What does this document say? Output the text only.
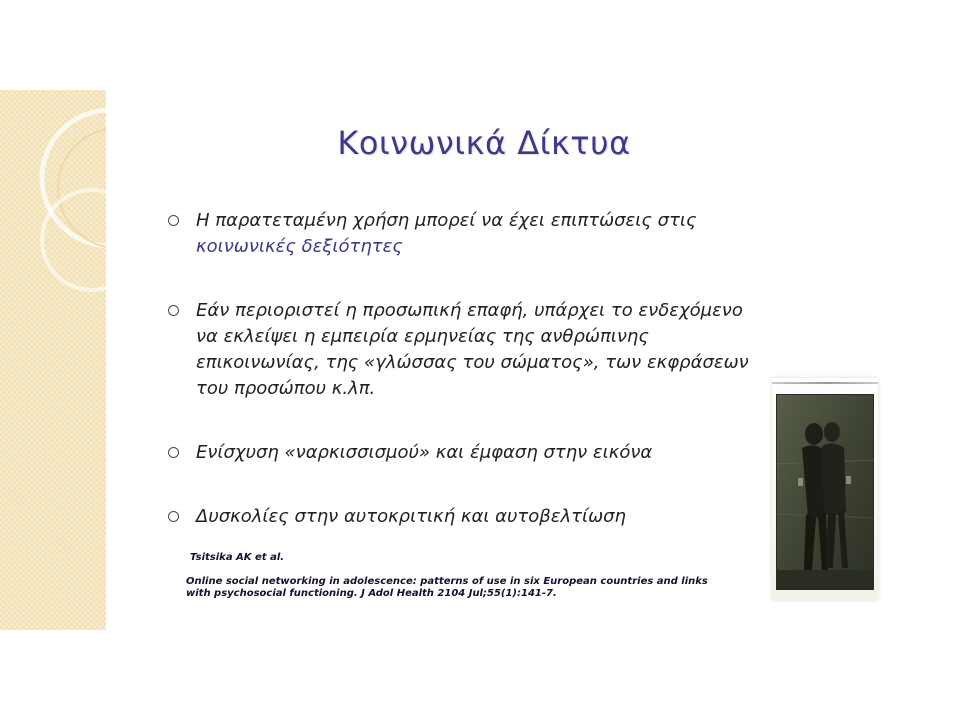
Κοινωνικά Δίκτυα
Η παρατεταμένη χρήση μπορεί να έχει επιπτώσεις στις
κοινωνικές δεξιότητες
Εάν περιοριστεί η προσωπική επαφή, υπάρχει το ενδεχόμενο να εκλείψει η εμπειρία ερμηνείας της ανθρώπινης επικοινωνίας, της «γλώσσας του σώματος», των εκφράσεων του προσώπου κ.λπ.
Ενίσχυση «ναρκισσισμού» και έμφαση στην εικόνα
Δυσκολίες στην αυτοκριτική και αυτοβελτίωση
Tsitsika AK et al.
Online social networking in adolescence: patterns of use in six European countries and links with psychosocial functioning. J Adol Health 2104 Jul;55(1):141-7.
